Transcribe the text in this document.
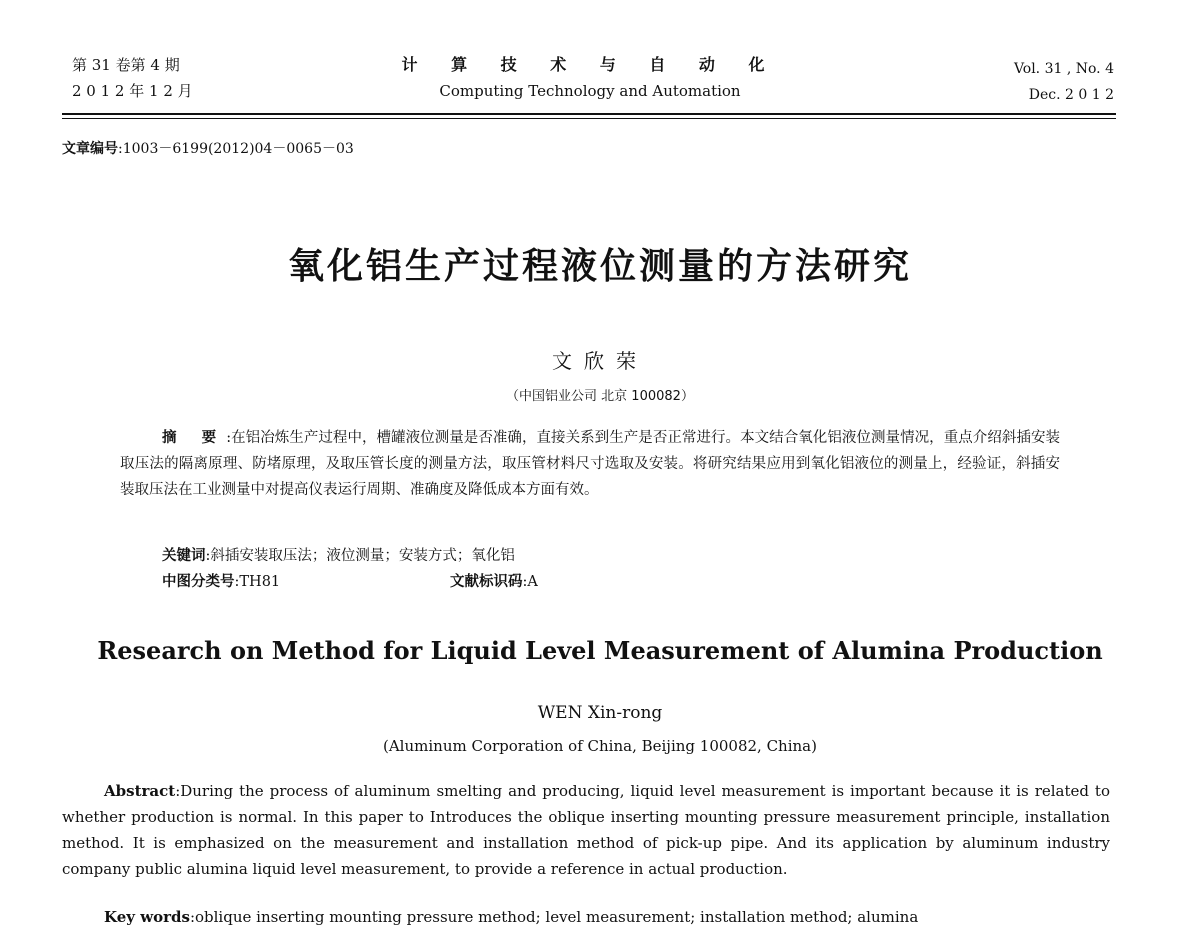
第 31 卷第 4 期
2 0 1 2 年 1 2 月
计 算 技 术 与 自 动 化
Computing Technology and Automation
Vol. 31 , No. 4
Dec. 2 0 1 2
文章编号:1003－6199(2012)04－0065－03
氧化铝生产过程液位测量的方法研究
文欣荣
（中国铝业公司 北京 100082）
摘 要:在铝冶炼生产过程中，槽罐液位测量是否准确，直接关系到生产是否正常进行。本文结合氧化铝液位测量情况，重点介绍斜插安装取压法的隔离原理、防堵原理，及取压管长度的测量方法，取压管材料尺寸选取及安装。将研究结果应用到氧化铝液位的测量上，经验证，斜插安装取压法在工业测量中对提高仪表运行周期、准确度及降低成本方面有效。
关键词:斜插安装取压法；液位测量；安装方式；氧化铝
中图分类号:TH81	文献标识码:A
Research on Method for Liquid Level Measurement of Alumina Production
WEN Xin-rong
(Aluminum Corporation of China, Beijing 100082, China)
Abstract:During the process of aluminum smelting and producing, liquid level measurement is important because it is related to whether production is normal. In this paper to Introduces the oblique inserting mounting pressure measurement principle, installation method. It is emphasized on the measurement and installation method of pick-up pipe. And its application by aluminum industry company public alumina liquid level measurement, to provide a reference in actual production.
Key words:oblique inserting mounting pressure method; level measurement; installation method; alumina
